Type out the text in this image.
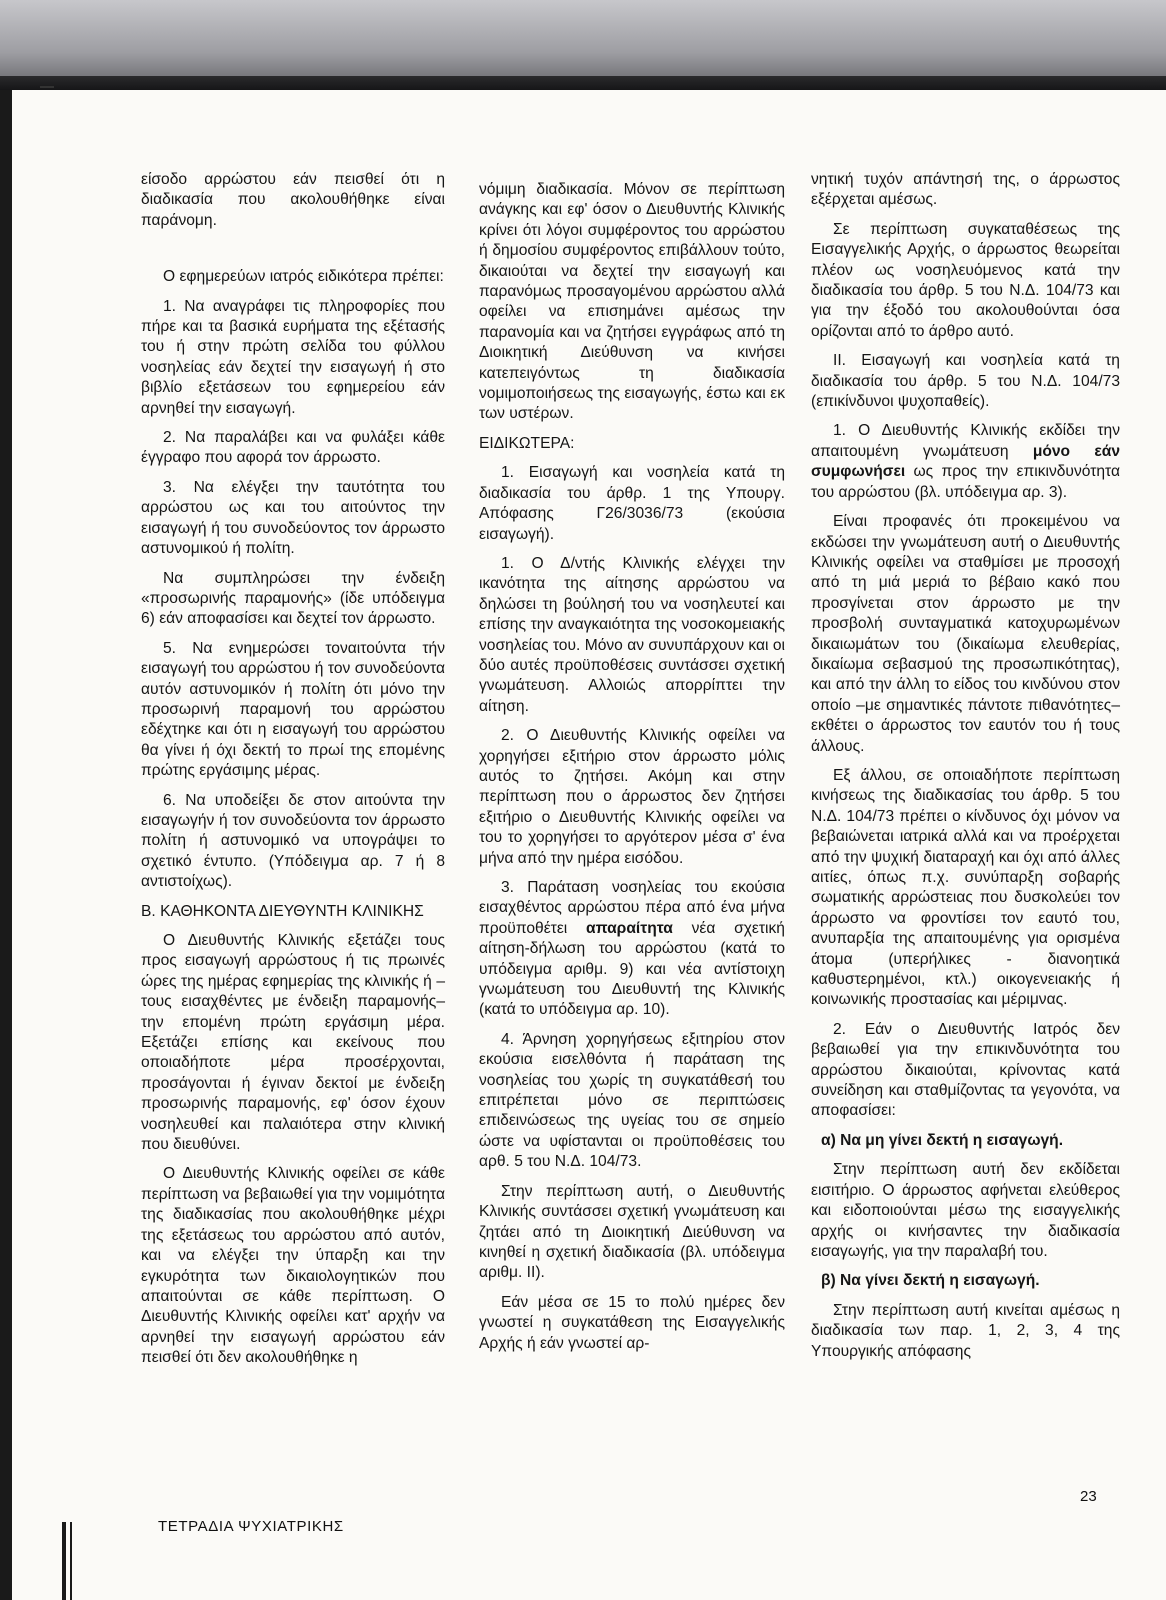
είσοδο αρρώστου εάν πεισθεί ότι η διαδικασία που ακολουθήθηκε είναι παράνομη.

Ο εφημερεύων ιατρός ειδικότερα πρέπει:

1. Να αναγράφει τις πληροφορίες που πήρε και τα βασικά ευρήματα της εξέτασής του ή στην πρώτη σελίδα του φύλλου νοσηλείας εάν δεχτεί την εισαγωγή ή στο βιβλίο εξετάσεων του εφημερείου εάν αρνηθεί την εισαγωγή.

2. Να παραλάβει και να φυλάξει κάθε έγγραφο που αφορά τον άρρωστο.

3. Να ελέγξει την ταυτότητα του αρρώστου ως και του αιτούντος την εισαγωγή ή του συνοδεύοντος τον άρρωστο αστυνομικού ή πολίτη.

Να συμπληρώσει την ένδειξη «προσωρινής παραμονής» (ίδε υπόδειγμα 6) εάν αποφασίσει και δεχτεί τον άρρωστο.

5. Να ενημερώσει τοναιτούντα τήν εισαγωγή του αρρώστου ή τον συνοδεύοντα αυτόν αστυνομικόν ή πολίτη ότι μόνο την προσωρινή παραμονή του αρρώστου εδέχτηκε και ότι η εισαγωγή του αρρώστου θα γίνει ή όχι δεκτή το πρωί της επομένης πρώτης εργάσιμης μέρας.

6. Να υποδείξει δε στον αιτούντα την εισαγωγήν ή τον συνοδεύοντα τον άρρωστο πολίτη ή αστυνομικό να υπογράψει το σχετικό έντυπο. (Υπόδειγμα αρ. 7 ή 8 αντιστοίχως).

Β. ΚΑΘΗΚΟΝΤΑ ΔΙΕΥΘΥΝΤΗ ΚΛΙΝΙΚΗΣ

Ο Διευθυντής Κλινικής εξετάζει τους προς εισαγωγή αρρώστους ή τις πρωινές ώρες της ημέρας εφημερίας της κλινικής ή –τους εισαχθέντες με ένδειξη παραμονής– την επομένη πρώτη εργάσιμη μέρα. Εξετάζει επίσης και εκείνους που οποιαδήποτε μέρα προσέρχονται, προσάγονται ή έγιναν δεκτοί με ένδειξη προσωρινής παραμονής, εφ' όσον έχουν νοσηλευθεί και παλαιότερα στην κλινική που διευθύνει.

Ο Διευθυντής Κλινικής οφείλει σε κάθε περίπτωση να βεβαιωθεί για την νομιμότητα της διαδικασίας που ακολουθήθηκε μέχρι της εξετάσεως του αρρώστου από αυτόν, και να ελέγξει την ύπαρξη και την εγκυρότητα των δικαιολογητικών που απαιτούνται σε κάθε περίπτωση. Ο Διευθυντής Κλινικής οφείλει κατ' αρχήν να αρνηθεί την εισαγωγή αρρώστου εάν πεισθεί ότι δεν ακολουθήθηκε η

νόμιμη διαδικασία. Μόνον σε περίπτωση ανάγκης και εφ' όσον ο Διευθυντής Κλινικής κρίνει ότι λόγοι συμφέροντος του αρρώστου ή δημοσίου συμφέροντος επιβάλλουν τούτο, δικαιούται να δεχτεί την εισαγωγή και παρανόμως προσαγομένου αρρώστου αλλά οφείλει να επισημάνει αμέσως την παρανομία και να ζητήσει εγγράφως από τη Διοικητική Διεύθυνση να κινήσει κατεπειγόντως τη διαδικασία νομιμοποιήσεως της εισαγωγής, έστω και εκ των υστέρων.

ΕΙΔΙΚΩΤΕΡΑ:

1. Εισαγωγή και νοσηλεία κατά τη διαδικασία του άρθρ. 1 της Υπουργ. Απόφασης Γ26/3036/73 (εκούσια εισαγωγή).

1. Ο Δ/ντής Κλινικής ελέγχει την ικανότητα της αίτησης αρρώστου να δηλώσει τη βούλησή του να νοσηλευτεί και επίσης την αναγκαιότητα της νοσοκομειακής νοσηλείας του. Μόνο αν συνυπάρχουν και οι δύο αυτές προϋποθέσεις συντάσσει σχετική γνωμάτευση. Αλλοιώς απορρίπτει την αίτηση.

2. Ο Διευθυντής Κλινικής οφείλει να χορηγήσει εξιτήριο στον άρρωστο μόλις αυτός το ζητήσει. Ακόμη και στην περίπτωση που ο άρρωστος δεν ζητήσει εξιτήριο ο Διευθυντής Κλινικής οφείλει να του το χορηγήσει το αργότερον μέσα σ' ένα μήνα από την ημέρα εισόδου.

3. Παράταση νοσηλείας του εκούσια εισαχθέντος αρρώστου πέρα από ένα μήνα προϋποθέτει απαραίτητα νέα σχετική αίτηση-δήλωση του αρρώστου (κατά το υπόδειγμα αριθμ. 9) και νέα αντίστοιχη γνωμάτευση του Διευθυντή της Κλινικής (κατά το υπόδειγμα αρ. 10).

4. Άρνηση χορηγήσεως εξιτηρίου στον εκούσια εισελθόντα ή παράταση της νοσηλείας του χωρίς τη συγκατάθεσή του επιτρέπεται μόνο σε περιπτώσεις επιδεινώσεως της υγείας του σε σημείο ώστε να υφίστανται οι προϋποθέσεις του αρθ. 5 του Ν.Δ. 104/73.

Στην περίπτωση αυτή, ο Διευθυντής Κλινικής συντάσσει σχετική γνωμάτευση και ζητάει από τη Διοικητική Διεύθυνση να κινηθεί η σχετική διαδικασία (βλ. υπόδειγμα αριθμ. ΙΙ).

Εάν μέσα σε 15 το πολύ ημέρες δεν γνωστεί η συγκατάθεση της Εισαγγελικής Αρχής ή εάν γνωστεί αρ-

νητική τυχόν απάντησή της, ο άρρωστος εξέρχεται αμέσως.

Σε περίπτωση συγκαταθέσεως της Εισαγγελικής Αρχής, ο άρρωστος θεωρείται πλέον ως νοσηλευόμενος κατά την διαδικασία του άρθρ. 5 του Ν.Δ. 104/73 και για την έξοδό του ακολουθούνται όσα ορίζονται από το άρθρο αυτό.

ΙΙ. Εισαγωγή και νοσηλεία κατά τη διαδικασία του άρθρ. 5 του Ν.Δ. 104/73 (επικίνδυνοι ψυχοπαθείς).

1. Ο Διευθυντής Κλινικής εκδίδει την απαιτουμένη γνωμάτευση μόνο εάν συμφωνήσει ως προς την επικινδυνότητα του αρρώστου (βλ. υπόδειγμα αρ. 3).

Είναι προφανές ότι προκειμένου να εκδώσει την γνωμάτευση αυτή ο Διευθυντής Κλινικής οφείλει να σταθμίσει με προσοχή από τη μιά μεριά το βέβαιο κακό που προσγίνεται στον άρρωστο με την προσβολή συνταγματικά κατοχυρωμένων δικαιωμάτων του (δικαίωμα ελευθερίας, δικαίωμα σεβασμού της προσωπικότητας), και από την άλλη το είδος του κινδύνου στον οποίο –με σημαντικές πάντοτε πιθανότητες– εκθέτει ο άρρωστος τον εαυτόν του ή τους άλλους.

Εξ άλλου, σε οποιαδήποτε περίπτωση κινήσεως της διαδικασίας του άρθρ. 5 του Ν.Δ. 104/73 πρέπει ο κίνδυνος όχι μόνον να βεβαιώνεται ιατρικά αλλά και να προέρχεται από την ψυχική διαταραχή και όχι από άλλες αιτίες, όπως π.χ. συνύπαρξη σοβαρής σωματικής αρρώστειας που δυσκολεύει τον άρρωστο να φροντίσει τον εαυτό του, ανυπαρξία της απαιτουμένης για ορισμένα άτομα (υπερήλικες - διανοητικά καθυστερημένοι, κτλ.) οικογενειακής ή κοινωνικής προστασίας και μέριμνας.

2. Εάν ο Διευθυντής Ιατρός δεν βεβαιωθεί για την επικινδυνότητα του αρρώστου δικαιούται, κρίνοντας κατά συνείδηση και σταθμίζοντας τα γεγονότα, να αποφασίσει:

α) Να μη γίνει δεκτή η εισαγωγή.

Στην περίπτωση αυτή δεν εκδίδεται εισιτήριο. Ο άρρωστος αφήνεται ελεύθερος και ειδοποιούνται μέσω της εισαγγελικής αρχής οι κινήσαντες την διαδικασία εισαγωγής, για την παραλαβή του.

β) Να γίνει δεκτή η εισαγωγή.

Στην περίπτωση αυτή κινείται αμέσως η διαδικασία των παρ. 1, 2, 3, 4 της Υπουργικής απόφασης

ΤΕΤΡΑΔΙΑ ΨΥΧΙΑΤΡΙΚΗΣ
23
